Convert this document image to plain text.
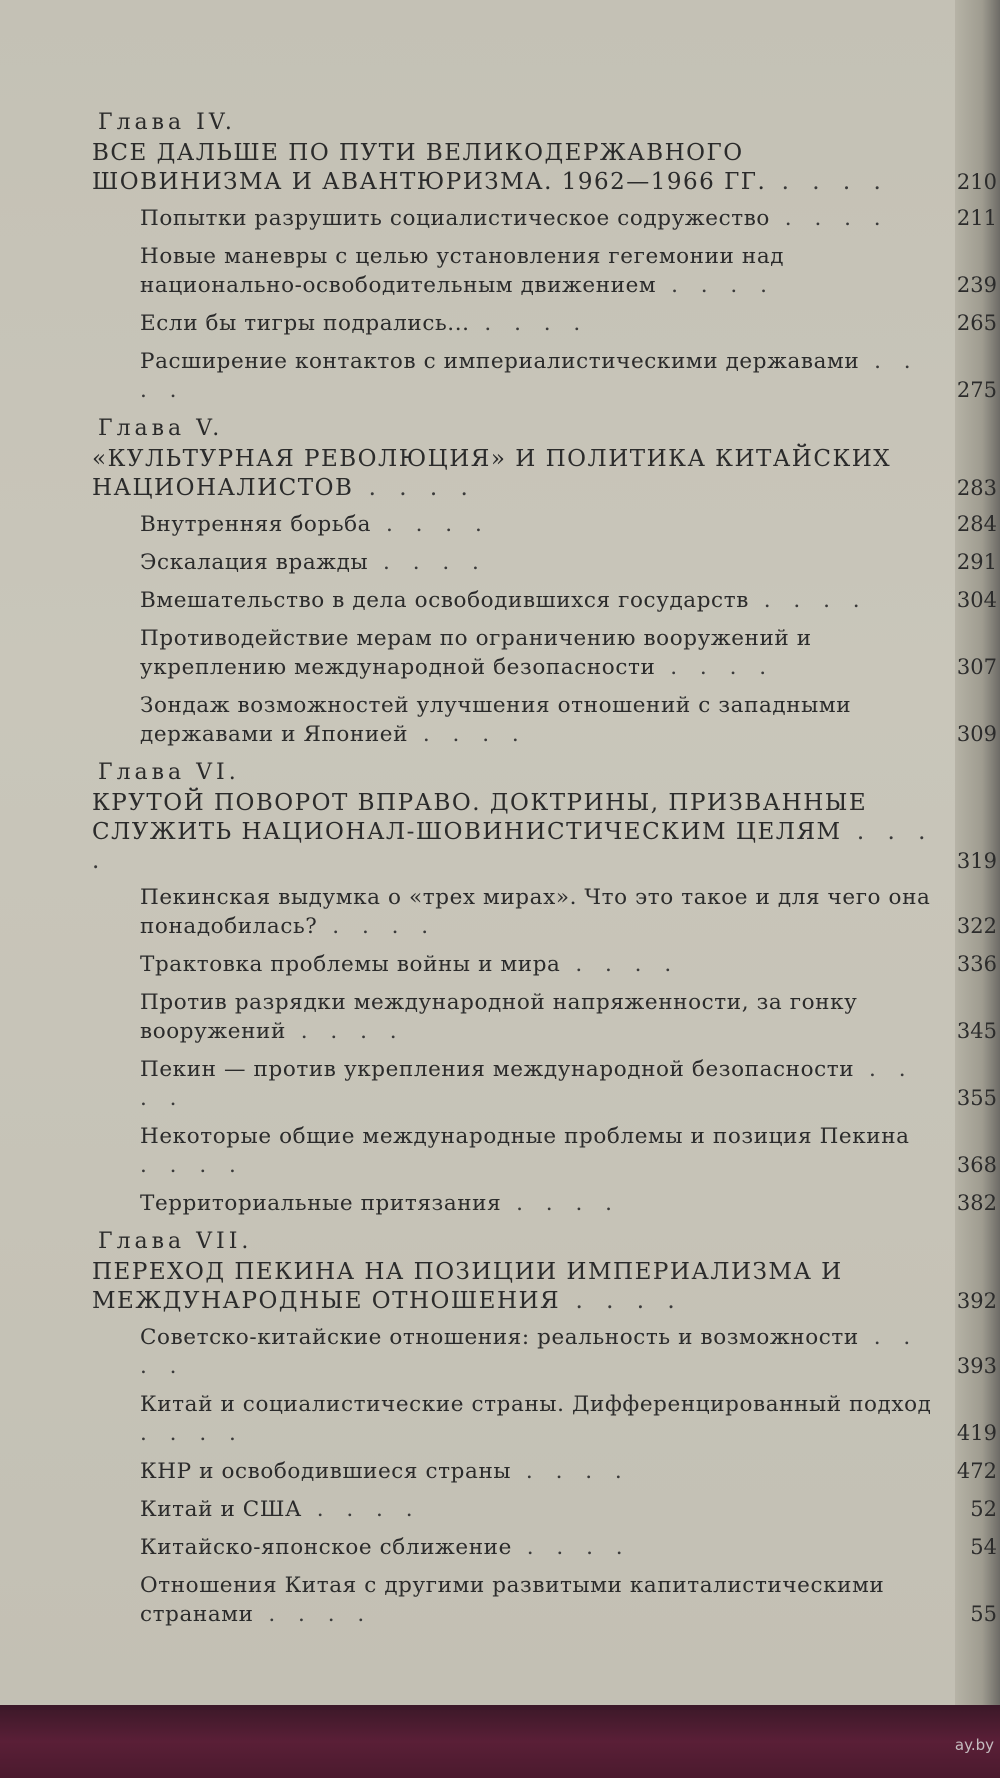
ay.by
Глава IV.
ВСЕ ДАЛЬШЕ ПО ПУТИ ВЕЛИКОДЕРЖАВНОГО ШОВИНИЗМА И АВАНТЮРИЗМА. 1962—1966 ГГ. . . . .	210
Попытки разрушить социалистическое содружество . . . .	211
Новые маневры с целью установления гегемонии над национально-освободительным движением . . . .	239
Если бы тигры подрались... . . . .	265
Расширение контактов с империалистическими державами . . . .	275
Глава V.
«КУЛЬТУРНАЯ РЕВОЛЮЦИЯ» И ПОЛИТИКА КИТАЙСКИХ НАЦИОНАЛИСТОВ . . . .	283
Внутренняя борьба . . . .	284
Эскалация вражды . . . .	291
Вмешательство в дела освободившихся государств . . . .	304
Противодействие мерам по ограничению вооружений и укреплению международной безопасности . . . .	307
Зондаж возможностей улучшения отношений с западными державами и Японией . . . .	309
Глава VI.
КРУТОЙ ПОВОРОТ ВПРАВО. ДОКТРИНЫ, ПРИЗВАННЫЕ СЛУЖИТЬ НАЦИОНАЛ-ШОВИНИСТИЧЕСКИМ ЦЕЛЯМ . . . .	319
Пекинская выдумка о «трех мирах». Что это такое и для чего она понадобилась? . . . .	322
Трактовка проблемы войны и мира . . . .	336
Против разрядки международной напряженности, за гонку вооружений . . . .	345
Пекин — против укрепления международной безопасности . . . .	355
Некоторые общие международные проблемы и позиция Пекина . . . .	368
Территориальные притязания . . . .	382
Глава VII.
ПЕРЕХОД ПЕКИНА НА ПОЗИЦИИ ИМПЕРИАЛИЗМА И МЕЖДУНАРОДНЫЕ ОТНОШЕНИЯ . . . .	392
Советско-китайские отношения: реальность и возможности . . . .	393
Китай и социалистические страны. Дифференцированный подход . . . .	419
КНР и освободившиеся страны . . . .	472
Китай и США . . . .	52
Китайско-японское сближение . . . .	54
Отношения Китая с другими развитыми капиталистическими странами . . . .	55
